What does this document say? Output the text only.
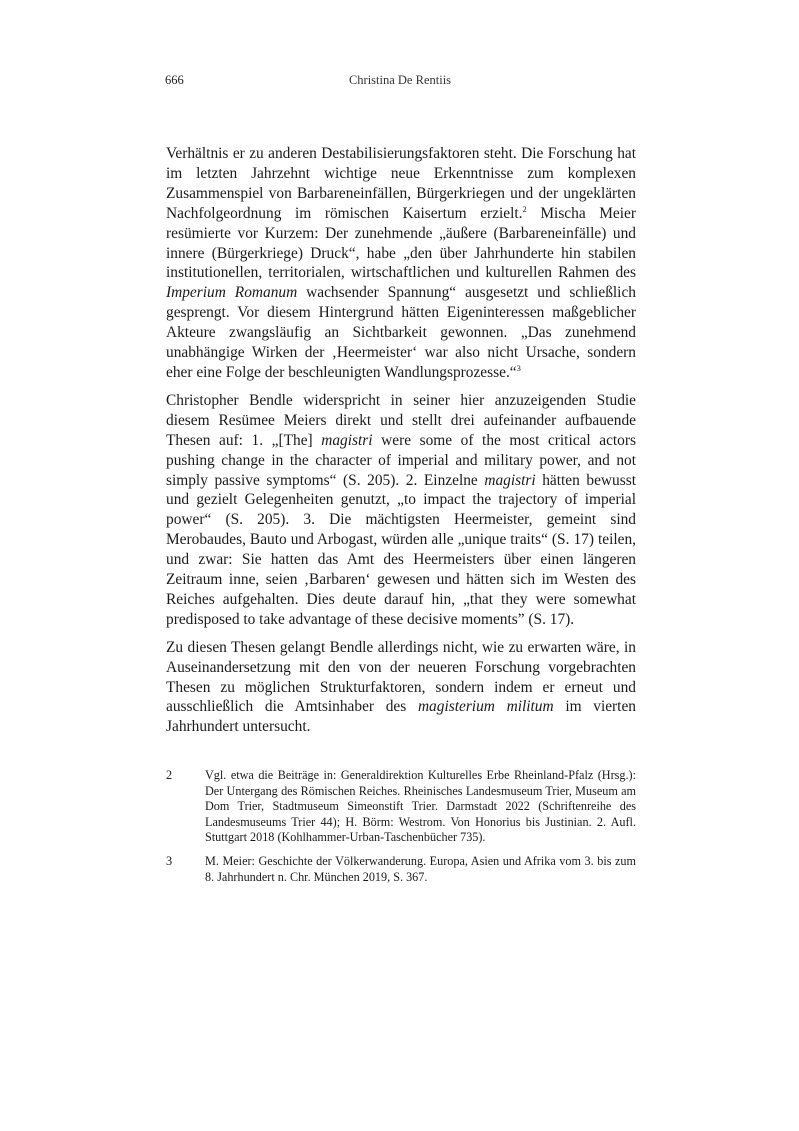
666	Christina De Rentiis

Verhältnis er zu anderen Destabilisierungsfaktoren steht. Die Forschung hat im letzten Jahrzehnt wichtige neue Erkenntnisse zum komplexen Zusammenspiel von Barbareneinfällen, Bürgerkriegen und der ungeklärten Nachfolgeordnung im römischen Kaisertum erzielt.$^2$ Mischa Meier resümierte vor Kurzem: Der zunehmende „äußere (Barbareneinfälle) und innere (Bürgerkriege) Druck“, habe „den über Jahrhunderte hin stabilen institutionellen, territorialen, wirtschaftlichen und kulturellen Rahmen des Imperium Romanum wachsender Spannung“ ausgesetzt und schließlich gesprengt. Vor diesem Hintergrund hätten Eigeninteressen maßgeblicher Akteure zwangsläufig an Sichtbarkeit gewonnen. „Das zunehmend unabhängige Wirken der ‚Heermeister‘ war also nicht Ursache, sondern eher eine Folge der beschleunigten Wandlungsprozesse.“$^3$

Christopher Bendle widerspricht in seiner hier anzuzeigenden Studie diesem Resümee Meiers direkt und stellt drei aufeinander aufbauende Thesen auf: 1. „[The] magistri were some of the most critical actors pushing change in the character of imperial and military power, and not simply passive symptoms“ (S. 205). 2. Einzelne magistri hätten bewusst und gezielt Gelegenheiten genutzt, „to impact the trajectory of imperial power“ (S. 205). 3. Die mächtigsten Heermeister, gemeint sind Merobaudes, Bauto und Arbogast, würden alle „unique traits“ (S. 17) teilen, und zwar: Sie hatten das Amt des Heermeisters über einen längeren Zeitraum inne, seien ‚Barbaren‘ gewesen und hätten sich im Westen des Reiches aufgehalten. Dies deute darauf hin, „that they were somewhat predisposed to take advantage of these decisive moments” (S. 17).

Zu diesen Thesen gelangt Bendle allerdings nicht, wie zu erwarten wäre, in Auseinandersetzung mit den von der neueren Forschung vorgebrachten Thesen zu möglichen Strukturfaktoren, sondern indem er erneut und ausschließlich die Amtsinhaber des magisterium militum im vierten Jahrhundert untersucht.

2	Vgl. etwa die Beiträge in: Generaldirektion Kulturelles Erbe Rheinland-Pfalz (Hrsg.): Der Untergang des Römischen Reiches. Rheinisches Landesmuseum Trier, Museum am Dom Trier, Stadtmuseum Simeonstift Trier. Darmstadt 2022 (Schriftenreihe des Landesmuseums Trier 44); H. Börm: Westrom. Von Honorius bis Justinian. 2. Aufl. Stuttgart 2018 (Kohlhammer-Urban-Taschenbücher 735).
3	M. Meier: Geschichte der Völkerwanderung. Europa, Asien und Afrika vom 3. bis zum 8. Jahrhundert n. Chr. München 2019, S. 367.
